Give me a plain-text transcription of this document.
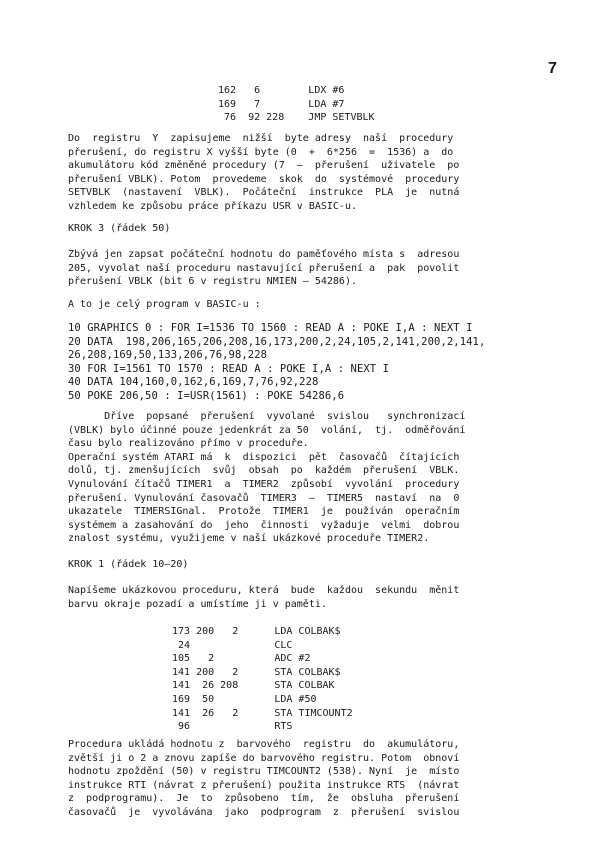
7
162   6        LDX #6
169   7        LDA #7
76  92 228    JMP SETVBLK
Do  registru  Y  zapisujeme  nižší  byte adresy  naší  procedury
přerušení, do registru X vyšší byte (0  +  6*256  =  1536) a  do
akumulátoru kód změněné procedury (7  –  přerušení  uživatele  po
přerušení VBLK). Potom  provedeme  skok  do  systémové  procedury
SETVBLK  (nastavení  VBLK).  Počáteční  instrukce  PLA  je  nutná
vzhledem ke způsobu práce příkazu USR v BASIC-u.
KROK 3 (řádek 50)
Zbývá jen zapsat počáteční hodnotu do paměťového místa s  adresou
205, vyvolat naší proceduru nastavující přerušení a  pak  povolit
přerušení VBLK (bit 6 v registru NMIEN – 54286).
A to je celý program v BASIC-u :
10 GRAPHICS 0 : FOR I=1536 TO 1560 : READ A : POKE I,A : NEXT I
20 DATA  198,206,165,206,208,16,173,200,2,24,105,2,141,200,2,141,
26,208,169,50,133,206,76,98,228
30 FOR I=1561 TO 1570 : READ A : POKE I,A : NEXT I
40 DATA 104,160,0,162,6,169,7,76,92,228
50 POKE 206,50 : I=USR(1561) : POKE 54286,6
Dříve  popsané  přerušení  vyvolané  svislou   synchronizací
(VBLK) bylo účinné pouze jedenkrát za 50  volání,  tj.  odměřování
času bylo realizováno přímo v proceduře.
Operační systém ATARI má  k  dispozici  pět  časovačů  čítajících
dolů, tj. zmenšujících  svůj  obsah  po  každém  přerušení  VBLK.
Vynulování čítačů TIMER1  a  TIMER2  způsobí  vyvolání  procedury
přerušení. Vynulování časovačů  TIMER3  –  TIMER5  nastaví  na  0
ukazatele  TIMERSIGnal.  Protože  TIMER1  je  používán  operačním
systémem a zasahování do  jeho  činnosti  vyžaduje  velmi  dobrou
znalost systému, využijeme v naší ukázkové proceduře TIMER2.
KROK 1 (řádek 10–20)
Napíšeme ukázkovou proceduru, která  bude  každou  sekundu  měnit
barvu okraje pozadí a umístíme ji v paměti.
173 200   2      LDA COLBAK$
24              CLC
105   2          ADC #2
141 200   2      STA COLBAK$
141  26 208      STA COLBAK
169  50          LDA #50
141  26   2      STA TIMCOUNT2
96              RTS
Procedura ukládá hodnotu z  barvového  registru  do  akumulátoru,
zvětší ji o 2 a znovu zapíše do barvového registru. Potom  obnoví
hodnotu zpoždění (50) v registru TIMCOUNT2 (538). Nyní  je  místo
instrukce RTI (návrat z přerušení) použita instrukce RTS  (návrat
z  podprogramu).  Je  to  způsobeno  tím,  že  obsluha  přerušení
časovačů  je  vyvolávána  jako  podprogram  z  přerušení  svislou
